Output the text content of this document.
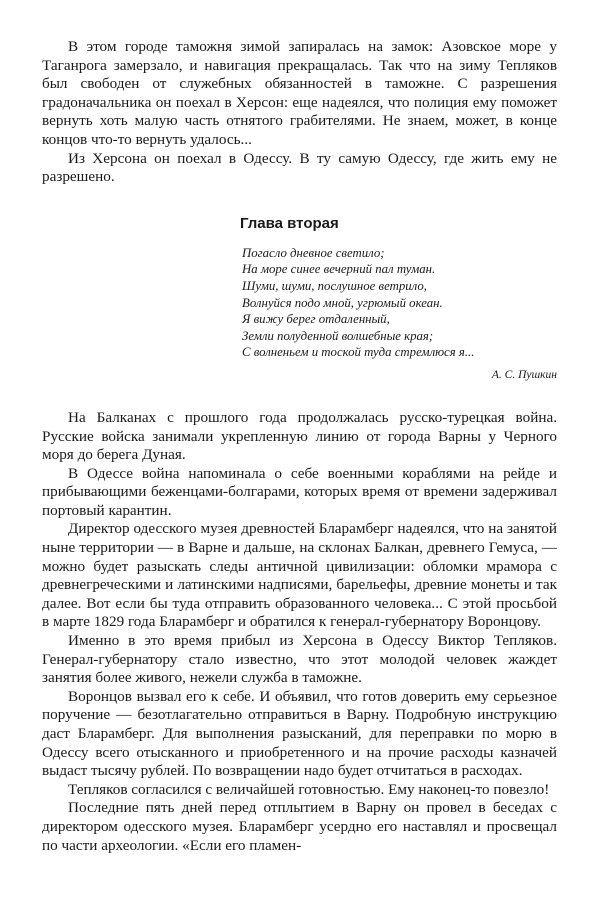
В этом городе таможня зимой запиралась на замок: Азовское море у Таганрога замерзало, и навигация прекращалась. Так что на зиму Тепляков был свободен от служебных обязанностей в таможне. С разрешения градоначальника он поехал в Херсон: еще надеялся, что полиция ему поможет вернуть хоть малую часть отнятого грабителями. Не знаем, может, в конце концов что-то вернуть удалось...

Из Херсона он поехал в Одессу. В ту самую Одессу, где жить ему не разрешено.

Глава вторая
Погасло дневное светило;
На море синее вечерний пал туман.
Шуми, шуми, послушное ветрило,
Волнуйся подо мной, угрюмый океан.
Я вижу берег отдаленный,
Земли полуденной волшебные края;
С волненьем и тоской туда стремлюся я...
А. С. Пушкин

На Балканах с прошлого года продолжалась русско-турецкая война. Русские войска занимали укрепленную линию от города Варны у Черного моря до берега Дуная.

В Одессе война напоминала о себе военными кораблями на рейде и прибывающими беженцами-болгарами, которых время от времени задерживал портовый карантин.

Директор одесского музея древностей Бларамберг надеялся, что на занятой ныне территории — в Варне и дальше, на склонах Балкан, древнего Гемуса, — можно будет разыскать следы античной цивилизации: обломки мрамора с древнегреческими и латинскими надписями, барельефы, древние монеты и так далее. Вот если бы туда отправить образованного человека... С этой просьбой в марте 1829 года Бларамберг и обратился к генерал-губернатору Воронцову.

Именно в это время прибыл из Херсона в Одессу Виктор Тепляков. Генерал-губернатору стало известно, что этот молодой человек жаждет занятия более живого, нежели служба в таможне.

Воронцов вызвал его к себе. И объявил, что готов доверить ему серьезное поручение — безотлагательно отправиться в Варну. Подробную инструкцию даст Бларамберг. Для выполнения разысканий, для переправки по морю в Одессу всего отысканного и приобретенного и на прочие расходы казначей выдаст тысячу рублей. По возвращении надо будет отчитаться в расходах.

Тепляков согласился с величайшей готовностью. Ему наконец-то повезло!

Последние пять дней перед отплытием в Варну он провел в беседах с директором одесского музея. Бларамберг усердно его наставлял и просвещал по части археологии. «Если его пламен-
